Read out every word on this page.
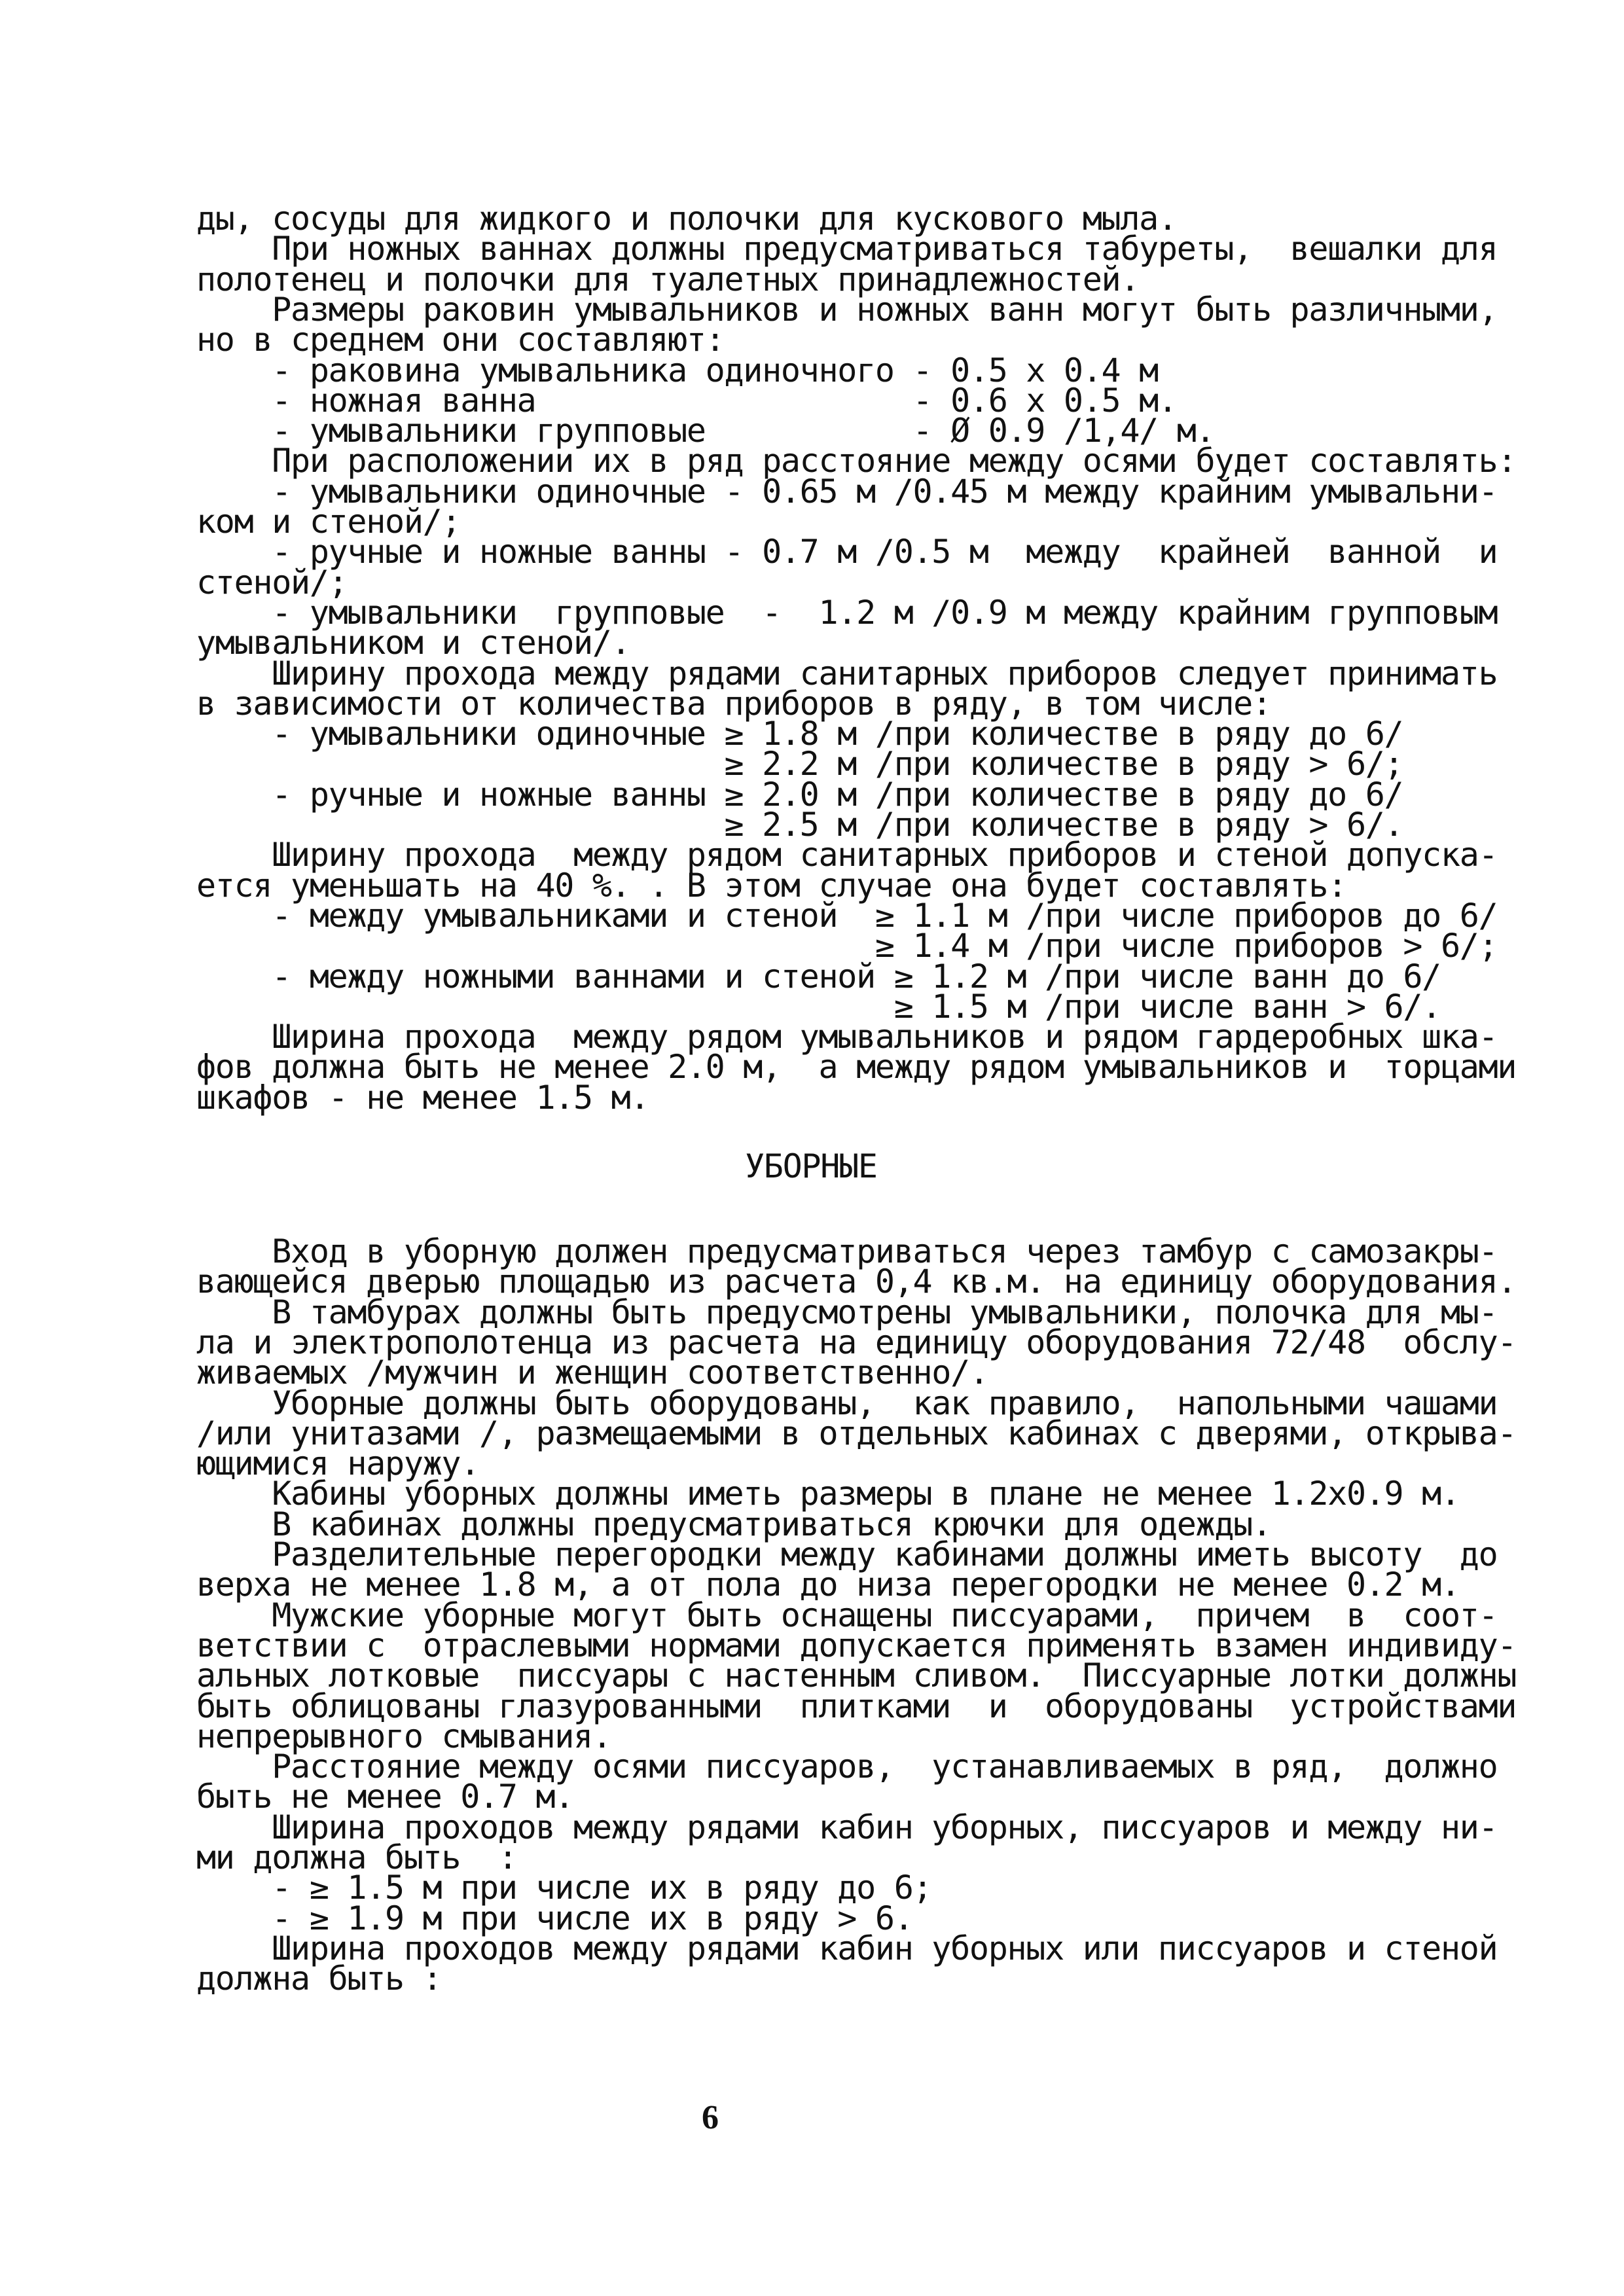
ды, сосуды для жидкого и полочки для кускового мыла.
При ножных ваннах должны предусматриваться табуреты,  вешалки для
полотенец и полочки для туалетных принадлежностей.
Размеры раковин умывальников и ножных ванн могут быть различными,
но в среднем они составляют:
- раковина умывальника одиночного - 0.5 х 0.4 м
- ножная ванна                    - 0.6 х 0.5 м.
- умывальники групповые           - Ø 0.9 /1,4/ м.
При расположении их в ряд расстояние между осями будет составлять:
- умывальники одиночные - 0.65 м /0.45 м между крайним умывальни-
ком и стеной/;
- ручные и ножные ванны - 0.7 м /0.5 м  между  крайней  ванной  и
стеной/;
- умывальники  групповые  -  1.2 м /0.9 м между крайним групповым
умывальником и стеной/.
Ширину прохода между рядами санитарных приборов следует принимать
в зависимости от количества приборов в ряду, в том числе:
- умывальники одиночные ≥ 1.8 м /при количестве в ряду до 6/
≥ 2.2 м /при количестве в ряду > 6/;
- ручные и ножные ванны ≥ 2.0 м /при количестве в ряду до 6/
≥ 2.5 м /при количестве в ряду > 6/.
Ширину прохода  между рядом санитарных приборов и стеной допуска-
ется уменьшать на 40 %. . В этом случае она будет составлять:
- между умывальниками и стеной  ≥ 1.1 м /при числе приборов до 6/
≥ 1.4 м /при числе приборов > 6/;
- между ножными ваннами и стеной ≥ 1.2 м /при числе ванн до 6/
≥ 1.5 м /при числе ванн > 6/.
Ширина прохода  между рядом умывальников и рядом гардеробных шка-
фов должна быть не менее 2.0 м,  а между рядом умывальников и  торцами
шкафов - не менее 1.5 м.
УБОРНЫЕ
Вход в уборную должен предусматриваться через тамбур с самозакры-
вающейся дверью площадью из расчета 0,4 кв.м. на единицу оборудования.
В тамбурах должны быть предусмотрены умывальники, полочка для мы-
ла и электрополотенца из расчета на единицу оборудования 72/48  обслу-
живаемых /мужчин и женщин соответственно/.
Уборные должны быть оборудованы,  как правило,  напольными чашами
/или унитазами /, размещаемыми в отдельных кабинах с дверями, открыва-
ющимися наружу.
Кабины уборных должны иметь размеры в плане не менее 1.2х0.9 м.
В кабинах должны предусматриваться крючки для одежды.
Разделительные перегородки между кабинами должны иметь высоту  до
верха не менее 1.8 м, а от пола до низа перегородки не менее 0.2 м.
Мужские уборные могут быть оснащены писсуарами,  причем  в  соот-
ветствии с  отраслевыми нормами допускается применять взамен индивиду-
альных лотковые  писсуары с настенным сливом.  Писсуарные лотки должны
быть облицованы глазурованными  плитками  и  оборудованы  устройствами
непрерывного смывания.
Расстояние между осями писсуаров,  устанавливаемых в ряд,  должно
быть не менее 0.7 м.
Ширина проходов между рядами кабин уборных, писсуаров и между ни-
ми должна быть  :
- ≥ 1.5 м при числе их в ряду до 6;
- ≥ 1.9 м при числе их в ряду > 6.
Ширина проходов между рядами кабин уборных или писсуаров и стеной
должна быть :
6
